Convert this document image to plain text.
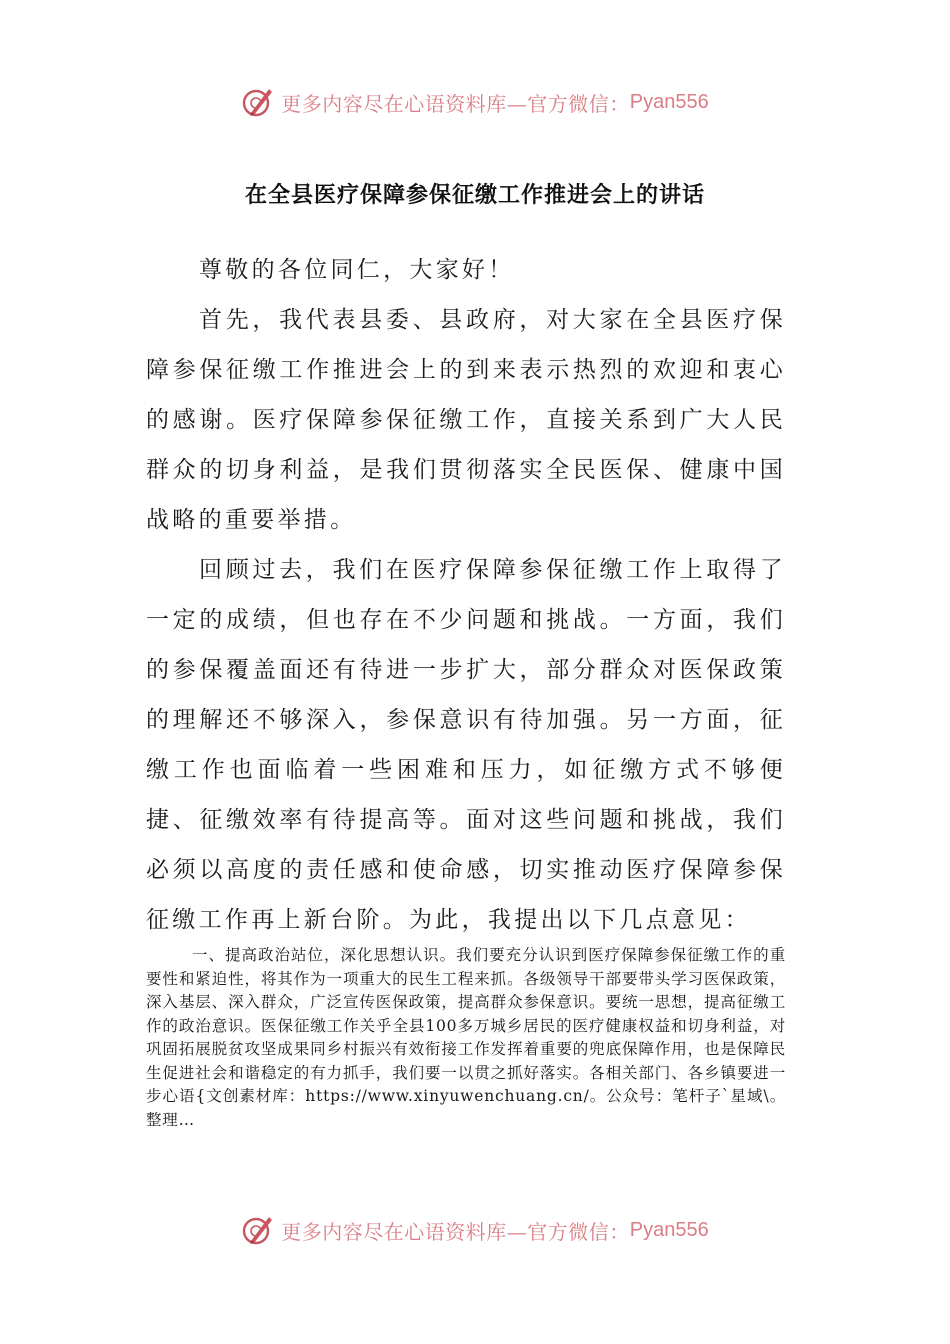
更多内容尽在心语资料库—官方微信： Pyan556
在全县医疗保障参保征缴工作推进会上的讲话

尊敬的各位同仁，大家好！

首先，我代表县委、县政府，对大家在全县医疗保障参保征缴工作推进会上的到来表示热烈的欢迎和衷心的感谢。医疗保障参保征缴工作，直接关系到广大人民群众的切身利益，是我们贯彻落实全民医保、健康中国战略的重要举措。

回顾过去，我们在医疗保障参保征缴工作上取得了一定的成绩，但也存在不少问题和挑战。一方面，我们的参保覆盖面还有待进一步扩大，部分群众对医保政策的理解还不够深入，参保意识有待加强。另一方面，征缴工作也面临着一些困难和压力，如征缴方式不够便捷、征缴效率有待提高等。面对这些问题和挑战，我们必须以高度的责任感和使命感，切实推动医疗保障参保征缴工作再上新台阶。为此，我提出以下几点意见：

一、提高政治站位，深化思想认识。我们要充分认识到医疗保障参保征缴工作的重要性和紧迫性，将其作为一项重大的民生工程来抓。各级领导干部要带头学习医保政策，深入基层、深入群众，广泛宣传医保政策，提高群众参保意识。要统一思想，提高征缴工作的政治意识。医保征缴工作关乎全县100多万城乡居民的医疗健康权益和切身利益，对巩固拓展脱贫攻坚成果同乡村振兴有效衔接工作发挥着重要的兜底保障作用，也是保障民生促进社会和谐稳定的有力抓手，我们要一以贯之抓好落实。各相关部门、各乡镇要进一步心语{文创素材库：https://www.xinyuwenchuang.cn/。公众号：笔杆子`星域\。整理…

更多内容尽在心语资料库—官方微信： Pyan556
